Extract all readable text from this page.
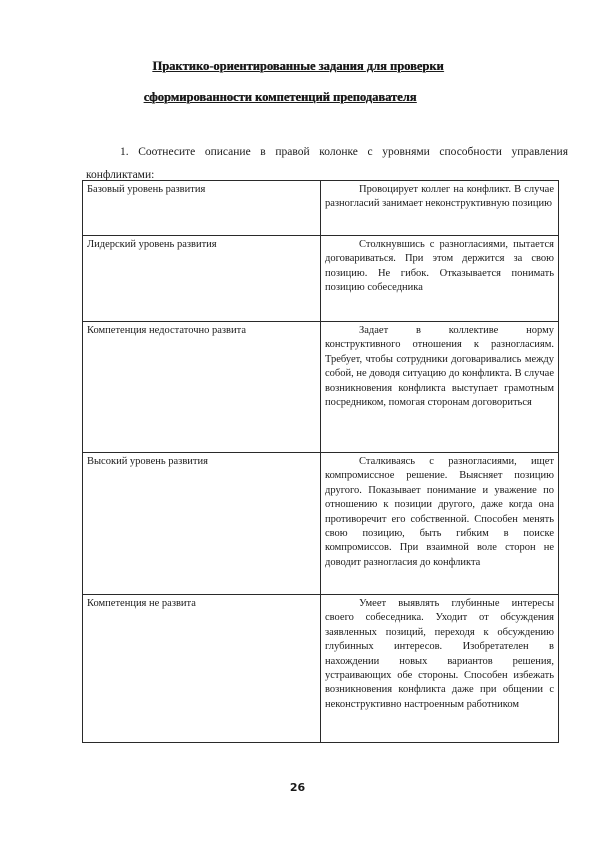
Практико-ориентированные задания для проверки
сформированности компетенций преподавателя
1. Соотнесите описание в правой колонке с уровнями способности управления
конфликтами:
Базовый уровень развития	Провоцирует коллег на конфликт. В случае разногласий занимает неконструктивную позицию
Лидерский уровень развития	Столкнувшись с разногласиями, пытается договариваться. При этом держится за свою позицию. Не гибок. Отказывается понимать позицию собеседника
Компетенция недостаточно развита	Задает в коллективе норму конструктивного отношения к разногласиям. Требует, чтобы сотрудники договаривались между собой, не доводя ситуацию до конфликта. В случае возникновения конфликта выступает грамотным посредником, помогая сторонам договориться
Высокий уровень развития	Сталкиваясь с разногласиями, ищет компромиссное решение. Выясняет позицию другого. Показывает понимание и уважение по отношению к позиции другого, даже когда она противоречит его собственной. Способен менять свою позицию, быть гибким в поиске компромиссов. При взаимной воле сторон не доводит разногласия до конфликта
Компетенция не развита	Умеет выявлять глубинные интересы своего собеседника. Уходит от обсуждения заявленных позиций, переходя к обсуждению глубинных интересов. Изобретателен в нахождении новых вариантов решения, устраивающих обе стороны. Способен избежать возникновения конфликта даже при общении с неконструктивно настроенным работником
26
